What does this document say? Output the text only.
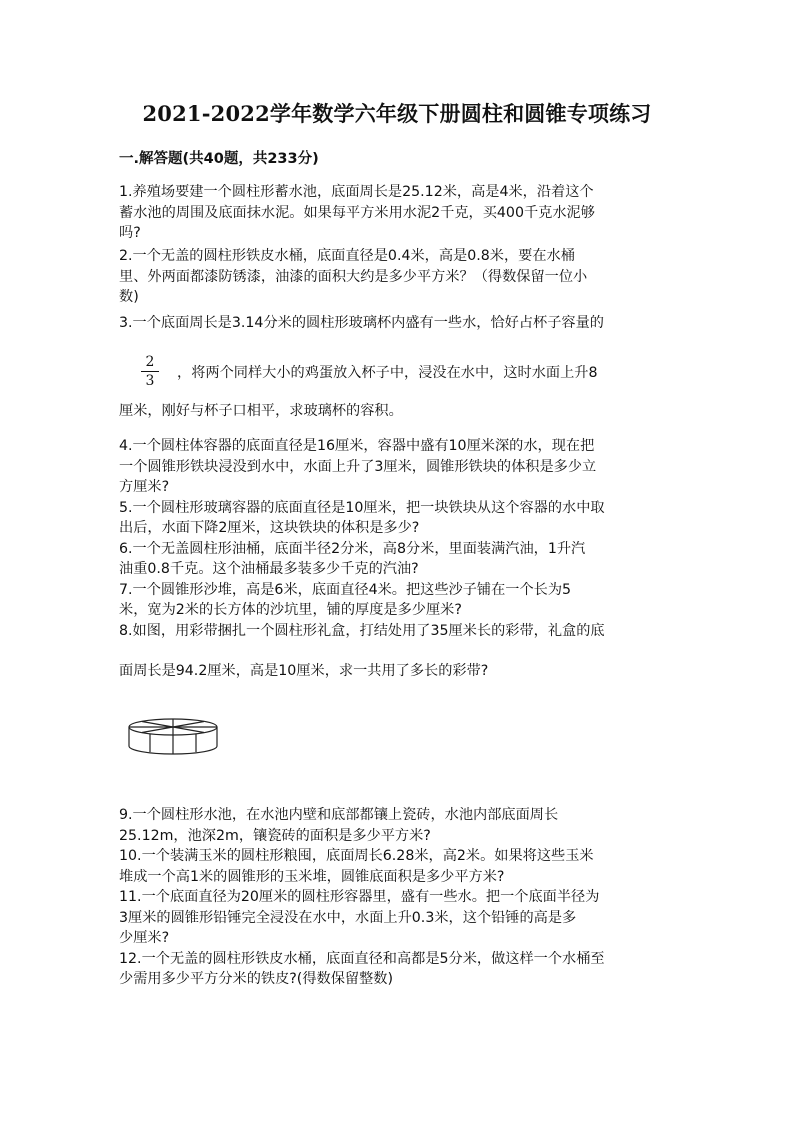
2021-2022学年数学六年级下册圆柱和圆锥专项练习
一.解答题(共40题，共233分)
1.养殖场要建一个圆柱形蓄水池，底面周长是25.12米，高是4米，沿着这个
蓄水池的周围及底面抹水泥。如果每平方米用水泥2千克，买400千克水泥够
吗?
2.一个无盖的圆柱形铁皮水桶，底面直径是0.4米，高是0.8米，要在水桶
里、外两面都漆防锈漆，油漆的面积大约是多少平方米？（得数保留一位小
数)
3.一个底面周长是3.14分米的圆柱形玻璃杯内盛有一些水，恰好占杯子容量的
2
3	，将两个同样大小的鸡蛋放入杯子中，浸没在水中，这时水面上升8
厘米，刚好与杯子口相平，求玻璃杯的容积。
4.一个圆柱体容器的底面直径是16厘米，容器中盛有10厘米深的水，现在把
一个圆锥形铁块浸没到水中，水面上升了3厘米，圆锥形铁块的体积是多少立
方厘米?
5.一个圆柱形玻璃容器的底面直径是10厘米，把一块铁块从这个容器的水中取
出后，水面下降2厘米，这块铁块的体积是多少?
6.一个无盖圆柱形油桶，底面半径2分米，高8分米，里面装满汽油，1升汽
油重0.8千克。这个油桶最多装多少千克的汽油?
7.一个圆锥形沙堆，高是6米，底面直径4米。把这些沙子铺在一个长为5
米，宽为2米的长方体的沙坑里，铺的厚度是多少厘米?
8.如图，用彩带捆扎一个圆柱形礼盒，打结处用了35厘米长的彩带，礼盒的底
面周长是94.2厘米，高是10厘米，求一共用了多长的彩带?
9.一个圆柱形水池，在水池内壁和底部都镶上瓷砖，水池内部底面周长
25.12m，池深2m，镶瓷砖的面积是多少平方米?
10.一个装满玉米的圆柱形粮囤，底面周长6.28米，高2米。如果将这些玉米
堆成一个高1米的圆锥形的玉米堆，圆锥底面积是多少平方米?
11.一个底面直径为20厘米的圆柱形容器里，盛有一些水。把一个底面半径为
3厘米的圆锥形铅锤完全浸没在水中，水面上升0.3米，这个铅锤的高是多
少厘米?
12.一个无盖的圆柱形铁皮水桶，底面直径和高都是5分米，做这样一个水桶至
少需用多少平方分米的铁皮?(得数保留整数)
